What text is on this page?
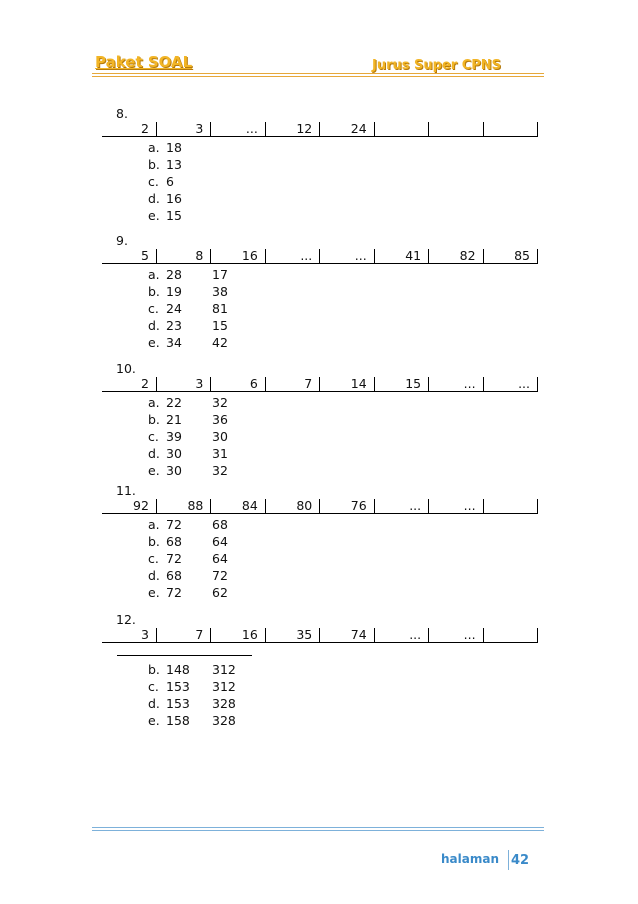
Paket SOAL	Jurus Super CPNS
8.
2	3	...	12	24			
a. 18
b. 13
c. 6
d. 16
e. 15
9.
5	8	16	...	...	41	82	85
a. 28	17
b. 19	38
c. 24	81
d. 23	15
e. 34	42
10.
2	3	6	7	14	15	...	...
a. 22	32
b. 21	36
c. 39	30
d. 30	31
e. 30	32
11.
92	88	84	80	76	...	...	
a. 72	68
b. 68	64
c. 72	64
d. 68	72
e. 72	62
12.
3	7	16	35	74	...	...	
b. 148	312
c. 153	312
d. 153	328
e. 158	328
halaman 42
